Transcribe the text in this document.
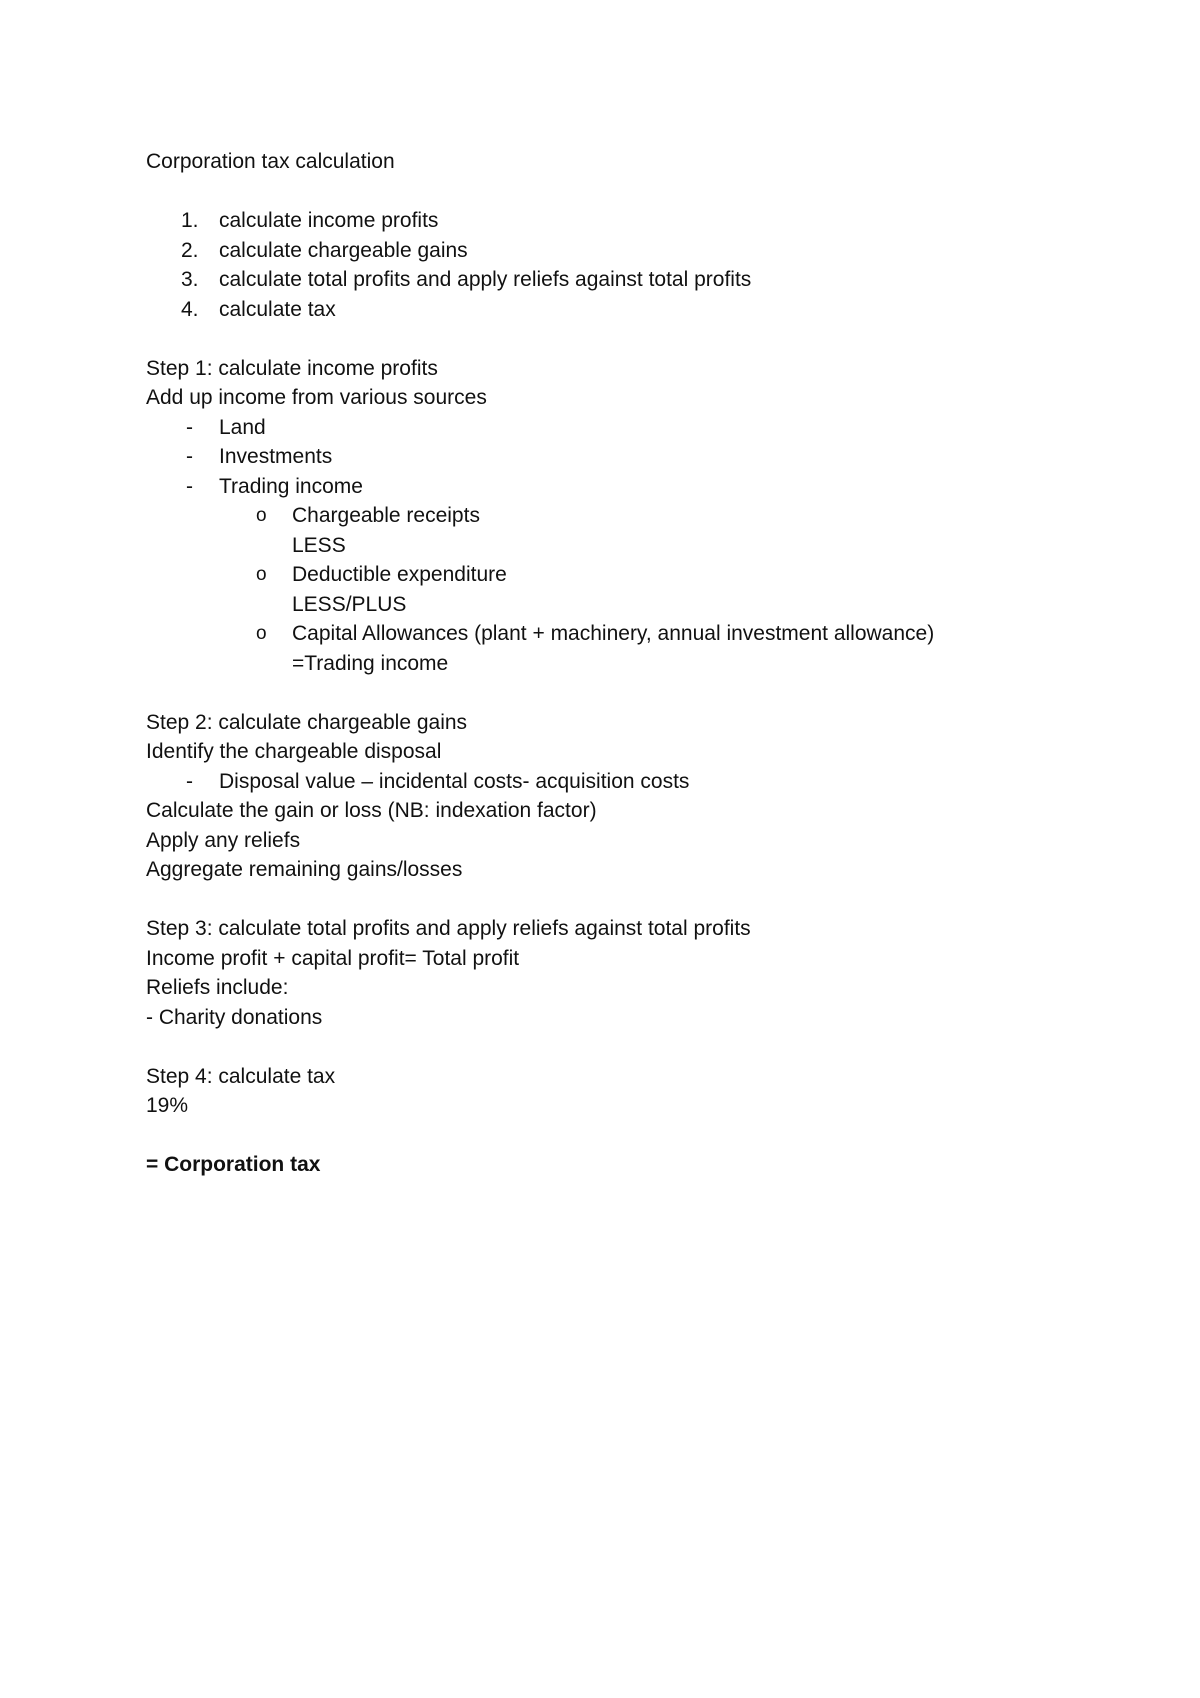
Corporation tax calculation
1. calculate income profits
2. calculate chargeable gains
3. calculate total profits and apply reliefs against total profits
4. calculate tax
Step 1: calculate income profits
Add up income from various sources
- Land
- Investments
- Trading income
o Chargeable receipts
LESS
o Deductible expenditure
LESS/PLUS
o Capital Allowances (plant + machinery, annual investment allowance)
=Trading income
Step 2: calculate chargeable gains
Identify the chargeable disposal
- Disposal value – incidental costs- acquisition costs
Calculate the gain or loss (NB: indexation factor)
Apply any reliefs
Aggregate remaining gains/losses
Step 3: calculate total profits and apply reliefs against total profits
Income profit + capital profit= Total profit
Reliefs include:
- Charity donations
Step 4: calculate tax
19%
= Corporation tax
